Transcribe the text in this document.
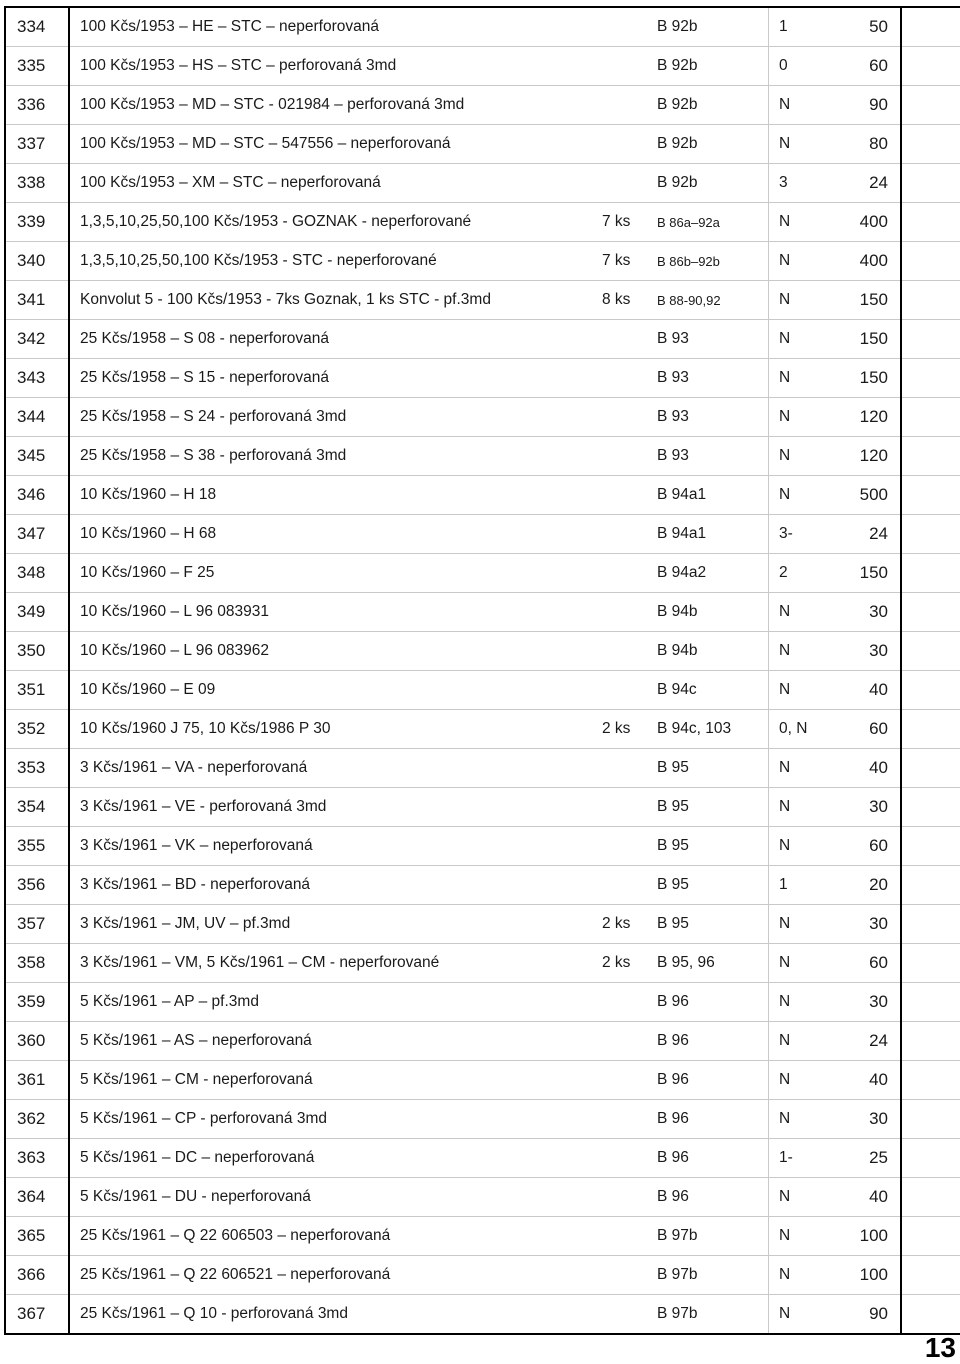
334	100 Kčs/1953 – HE – STC – neperforovaná		B 92b	1	50	
335	100 Kčs/1953 – HS – STC – perforovaná 3md		B 92b	0	60	
336	100 Kčs/1953 – MD – STC - 021984 – perforovaná 3md		B 92b	N	90	
337	100 Kčs/1953 – MD – STC – 547556 – neperforovaná		B 92b	N	80	
338	100 Kčs/1953 – XM – STC – neperforovaná		B 92b	3	24	
339	1,3,5,10,25,50,100 Kčs/1953 - GOZNAK - neperforované	7 ks	B 86a–92a	N	400	
340	1,3,5,10,25,50,100 Kčs/1953 - STC - neperforované	7 ks	B 86b–92b	N	400	
341	Konvolut 5 - 100 Kčs/1953 - 7ks Goznak, 1 ks STC - pf.3md	8 ks	B 88-90,92	N	150	
342	25 Kčs/1958 – S 08 - neperforovaná		B 93	N	150	
343	25 Kčs/1958 – S 15 - neperforovaná		B 93	N	150	
344	25 Kčs/1958 – S 24 - perforovaná 3md		B 93	N	120	
345	25 Kčs/1958 – S 38 - perforovaná 3md		B 93	N	120	
346	10 Kčs/1960 – H 18		B 94a1	N	500	
347	10 Kčs/1960 – H 68		B 94a1	3-	24	
348	10 Kčs/1960 – F 25		B 94a2	2	150	
349	10 Kčs/1960 – L 96 083931		B 94b	N	30	
350	10 Kčs/1960 – L 96 083962		B 94b	N	30	
351	10 Kčs/1960 – E 09		B 94c	N	40	
352	10 Kčs/1960 J 75, 10 Kčs/1986 P 30	2 ks	B 94c, 103	0, N	60	
353	3 Kčs/1961 – VA - neperforovaná		B 95	N	40	
354	3 Kčs/1961 – VE - perforovaná 3md		B 95	N	30	
355	3 Kčs/1961 – VK – neperforovaná		B 95	N	60	
356	3 Kčs/1961 – BD - neperforovaná		B 95	1	20	
357	3 Kčs/1961 – JM, UV – pf.3md	2 ks	B 95	N	30	
358	3 Kčs/1961 – VM, 5 Kčs/1961 – CM - neperforované	2 ks	B 95, 96	N	60	
359	5 Kčs/1961 – AP – pf.3md		B 96	N	30	
360	5 Kčs/1961 – AS – neperforovaná		B 96	N	24	
361	5 Kčs/1961 – CM - neperforovaná		B 96	N	40	
362	5 Kčs/1961 – CP - perforovaná 3md		B 96	N	30	
363	5 Kčs/1961 – DC – neperforovaná		B 96	1-	25	
364	5 Kčs/1961 – DU - neperforovaná		B 96	N	40	
365	25 Kčs/1961 – Q 22 606503 – neperforovaná		B 97b	N	100	
366	25 Kčs/1961 – Q 22 606521 – neperforovaná		B 97b	N	100	
367	25 Kčs/1961 – Q 10 - perforovaná 3md		B 97b	N	90	
13
